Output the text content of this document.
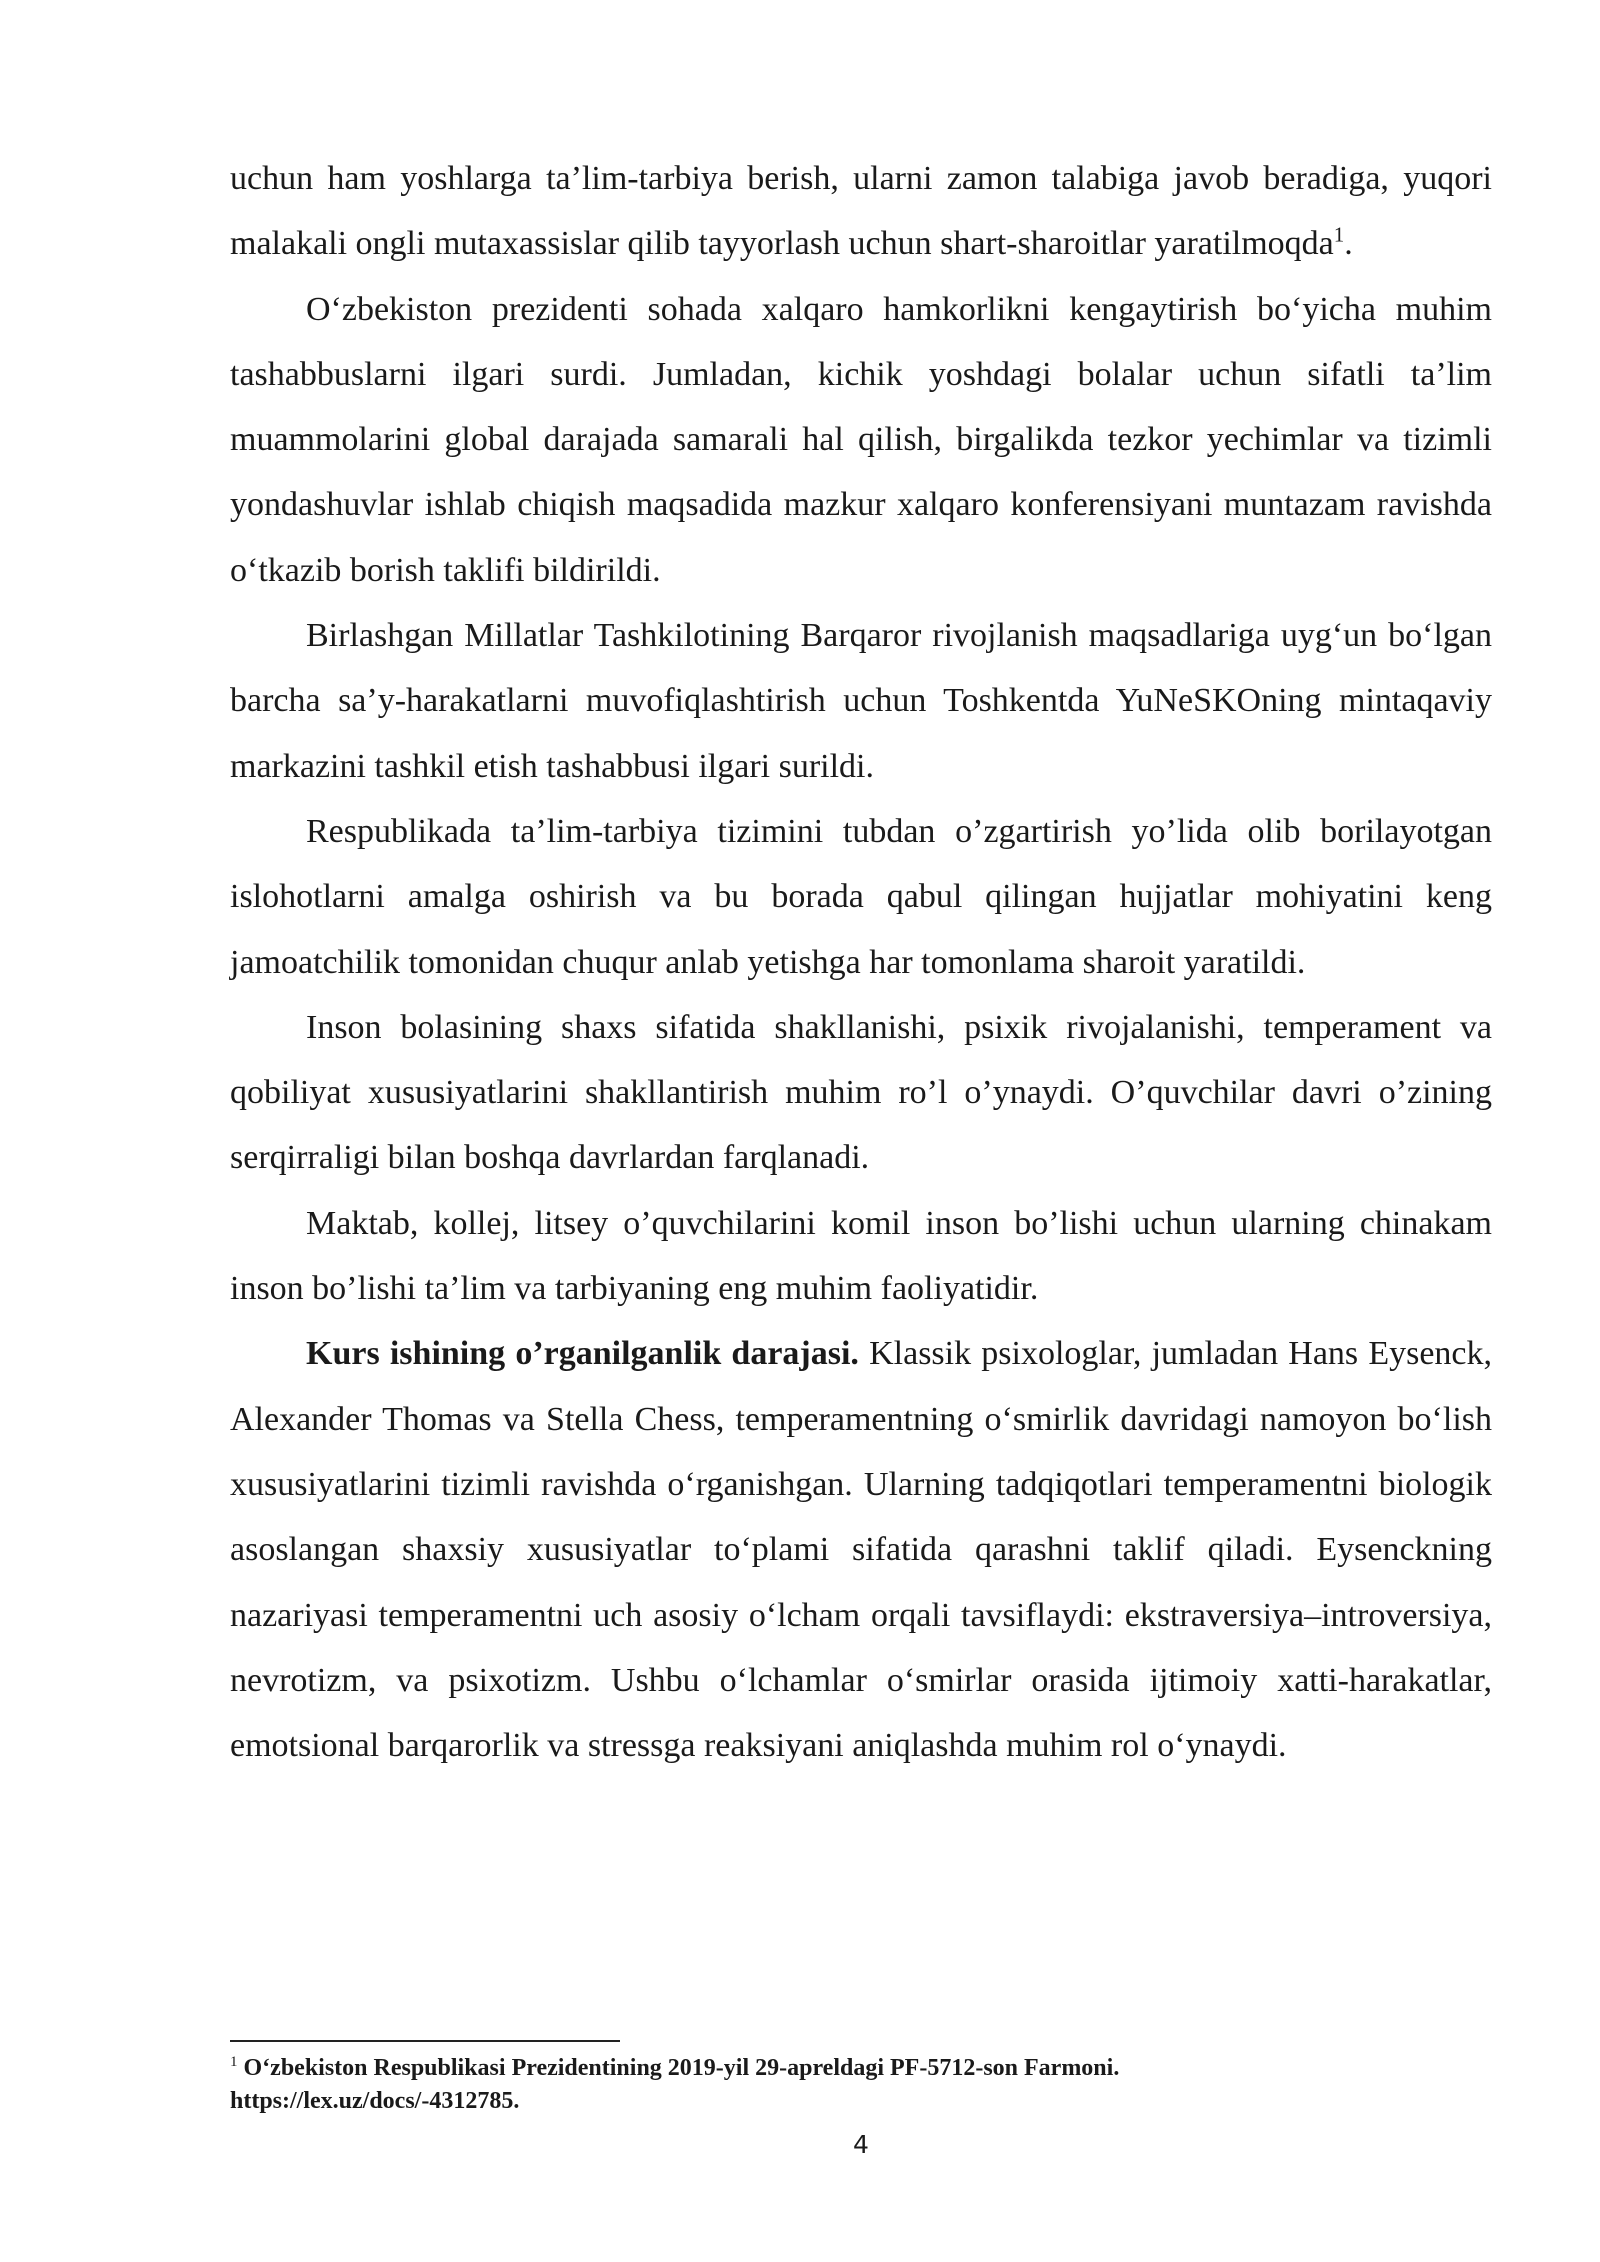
uchun ham yoshlarga ta’lim-tarbiya berish, ularni zamon talabiga javob beradiga, yuqori malakali ongli mutaxassislar qilib tayyorlash uchun shart-sharoitlar yaratilmoqda$^1$.

O‘zbekiston prezidenti sohada xalqaro hamkorlikni kengaytirish bo‘yicha muhim tashabbuslarni ilgari surdi. Jumladan, kichik yoshdagi bolalar uchun sifatli ta’lim muammolarini global darajada samarali hal qilish, birgalikda tezkor yechimlar va tizimli yondashuvlar ishlab chiqish maqsadida mazkur xalqaro konferensiyani muntazam ravishda o‘tkazib borish taklifi bildirildi.

Birlashgan Millatlar Tashkilotining Barqaror rivojlanish maqsadlariga uyg‘un bo‘lgan barcha sa’y-harakatlarni muvofiqlashtirish uchun Toshkentda YuNeSKOning mintaqaviy markazini tashkil etish tashabbusi ilgari surildi.

Respublikada ta’lim-tarbiya tizimini tubdan o’zgartirish yo’lida olib borilayotgan islohotlarni amalga oshirish va bu borada qabul qilingan hujjatlar mohiyatini keng jamoatchilik tomonidan chuqur anlab yetishga har tomonlama sharoit yaratildi.

Inson bolasining shaxs sifatida shakllanishi, psixik rivojalanishi, temperament va qobiliyat xususiyatlarini shakllantirish muhim ro’l o’ynaydi. O’quvchilar davri o’zining serqirraligi bilan boshqa davrlardan farqlanadi.

Maktab, kollej, litsey o’quvchilarini komil inson bo’lishi uchun ularning chinakam inson bo’lishi ta’lim va tarbiyaning eng muhim faoliyatidir.

Kurs ishining o’rganilganlik darajasi. Klassik psixologlar, jumladan Hans Eysenck, Alexander Thomas va Stella Chess, temperamentning o‘smirlik davridagi namoyon bo‘lish xususiyatlarini tizimli ravishda o‘rganishgan. Ularning tadqiqotlari temperamentni biologik asoslangan shaxsiy xususiyatlar to‘plami sifatida qarashni taklif qiladi. Eysenckning nazariyasi temperamentni uch asosiy o‘lcham orqali tavsiflaydi: ekstraversiya–introversiya, nevrotizm, va psixotizm. Ushbu o‘lchamlar o‘smirlar orasida ijtimoiy xatti-harakatlar, emotsional barqarorlik va stressga reaksiyani aniqlashda muhim rol o‘ynaydi.

$^1$ O‘zbekiston Respublikasi Prezidentining 2019-yil 29-apreldagi PF-5712-son Farmoni.
https://lex.uz/docs/-4312785.

4
